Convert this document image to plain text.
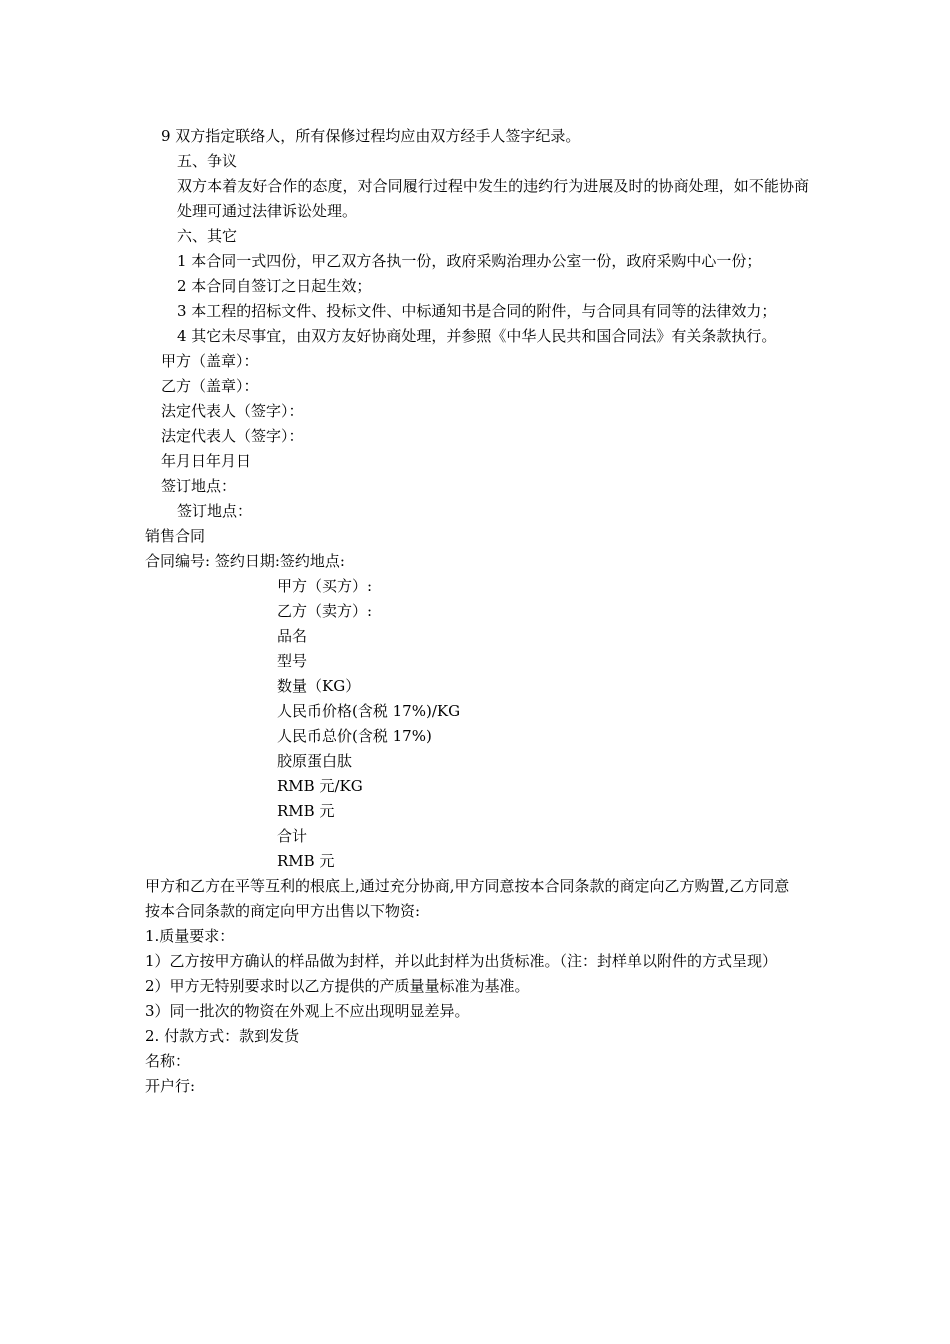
9 双方指定联络人，所有保修过程均应由双方经手人签字纪录。
五、争议
双方本着友好合作的态度，对合同履行过程中发生的违约行为进展及时的协商处理，如不能协商处理可通过法律诉讼处理。
六、其它
1 本合同一式四份，甲乙双方各执一份，政府采购治理办公室一份，政府采购中心一份；
2 本合同自签订之日起生效；
3 本工程的招标文件、投标文件、中标通知书是合同的附件，与合同具有同等的法律效力；
4 其它未尽事宜，由双方友好协商处理，并参照《中华人民共和国合同法》有关条款执行。
甲方（盖章）：
乙方（盖章）：
法定代表人（签字）：
法定代表人（签字）：
年月日年月日
签订地点：
签订地点：
销售合同
合同编号: 签约日期:签约地点:
甲方（买方）:
乙方（卖方）:
品名
型号
数量（KG）
人民币价格(含税 17%)/KG
人民币总价(含税 17%)
胶原蛋白肽
RMB 元/KG
RMB 元
合计
RMB 元
甲方和乙方在平等互利的根底上,通过充分协商,甲方同意按本合同条款的商定向乙方购置,乙方同意
按本合同条款的商定向甲方出售以下物资:
1.质量要求：
1）乙方按甲方确认的样品做为封样，并以此封样为出货标准。（注：封样单以附件的方式呈现）
2）甲方无特别要求时以乙方提供的产质量量标准为基准。
3）同一批次的物资在外观上不应出现明显差异。
2. 付款方式：款到发货
名称：
开户行:
